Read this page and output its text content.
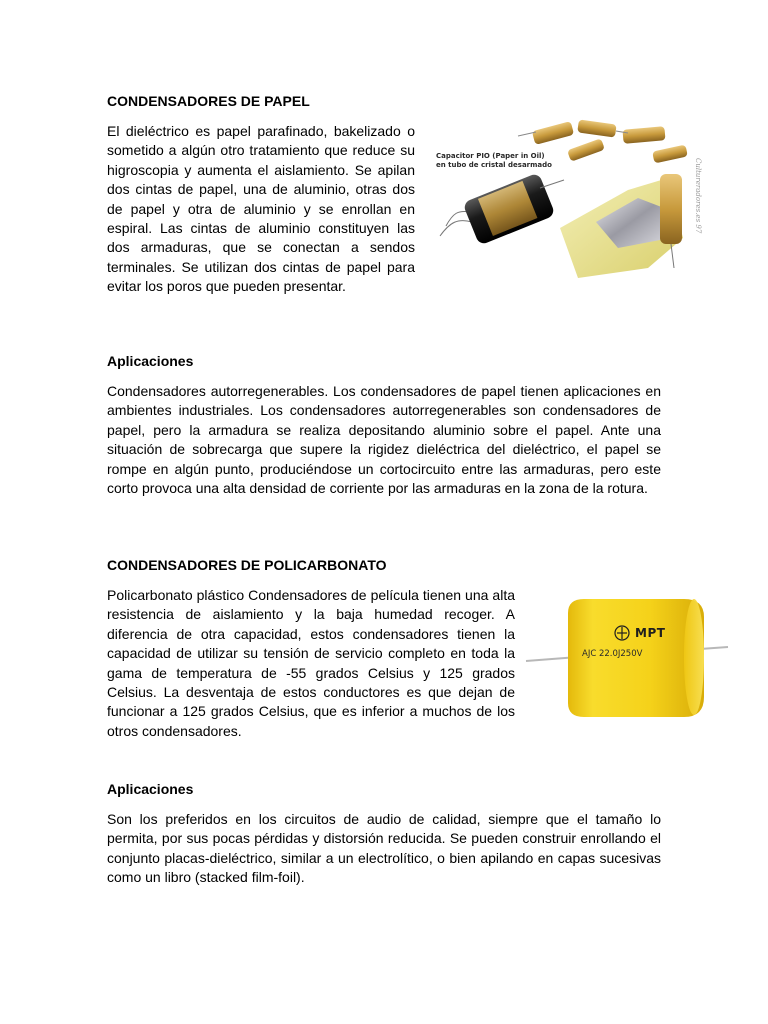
CONDENSADORES DE PAPEL

El dieléctrico es papel parafinado, bakelizado o sometido a algún otro tratamiento que reduce su higroscopia y aumenta el aislamiento. Se apilan dos cintas de papel, una de aluminio, otras dos de papel y otra de aluminio y se enrollan en espiral. Las cintas de aluminio constituyen las dos armaduras, que se conectan a sendos terminales. Se utilizan dos cintas de papel para evitar los poros que pueden presentar.

Capacitor PIO (Paper in Oil)
en tubo de cristal desarmado	Cultureradores.es 97
Aplicaciones

Condensadores autorregenerables. Los condensadores de papel tienen aplicaciones en ambientes industriales. Los condensadores autorregenerables son condensadores de papel, pero la armadura se realiza depositando aluminio sobre el papel. Ante una situación de sobrecarga que supere la rigidez dieléctrica del dieléctrico, el papel se rompe en algún punto, produciéndose un cortocircuito entre las armaduras, pero este corto provoca una alta densidad de corriente por las armaduras en la zona de la rotura.

CONDENSADORES DE POLICARBONATO

Policarbonato plástico Condensadores de película tienen una alta resistencia de aislamiento y la baja humedad recoger. A diferencia de otra capacidad, estos condensadores tienen la capacidad de utilizar su tensión de servicio completo en toda la gama de temperatura de -55 grados Celsius y 125 grados Celsius. La desventaja de estos conductores es que dejan de funcionar a 125 grados Celsius, que es inferior a muchos de los otros condensadores.

MPT

AJC 22.0J250V

Aplicaciones

Son los preferidos en los circuitos de audio de calidad, siempre que el tamaño lo permita, por sus pocas pérdidas y distorsión reducida. Se pueden construir enrollando el conjunto placas-dieléctrico, similar a un electrolítico, o bien apilando en capas sucesivas como un libro (stacked film-foil).
